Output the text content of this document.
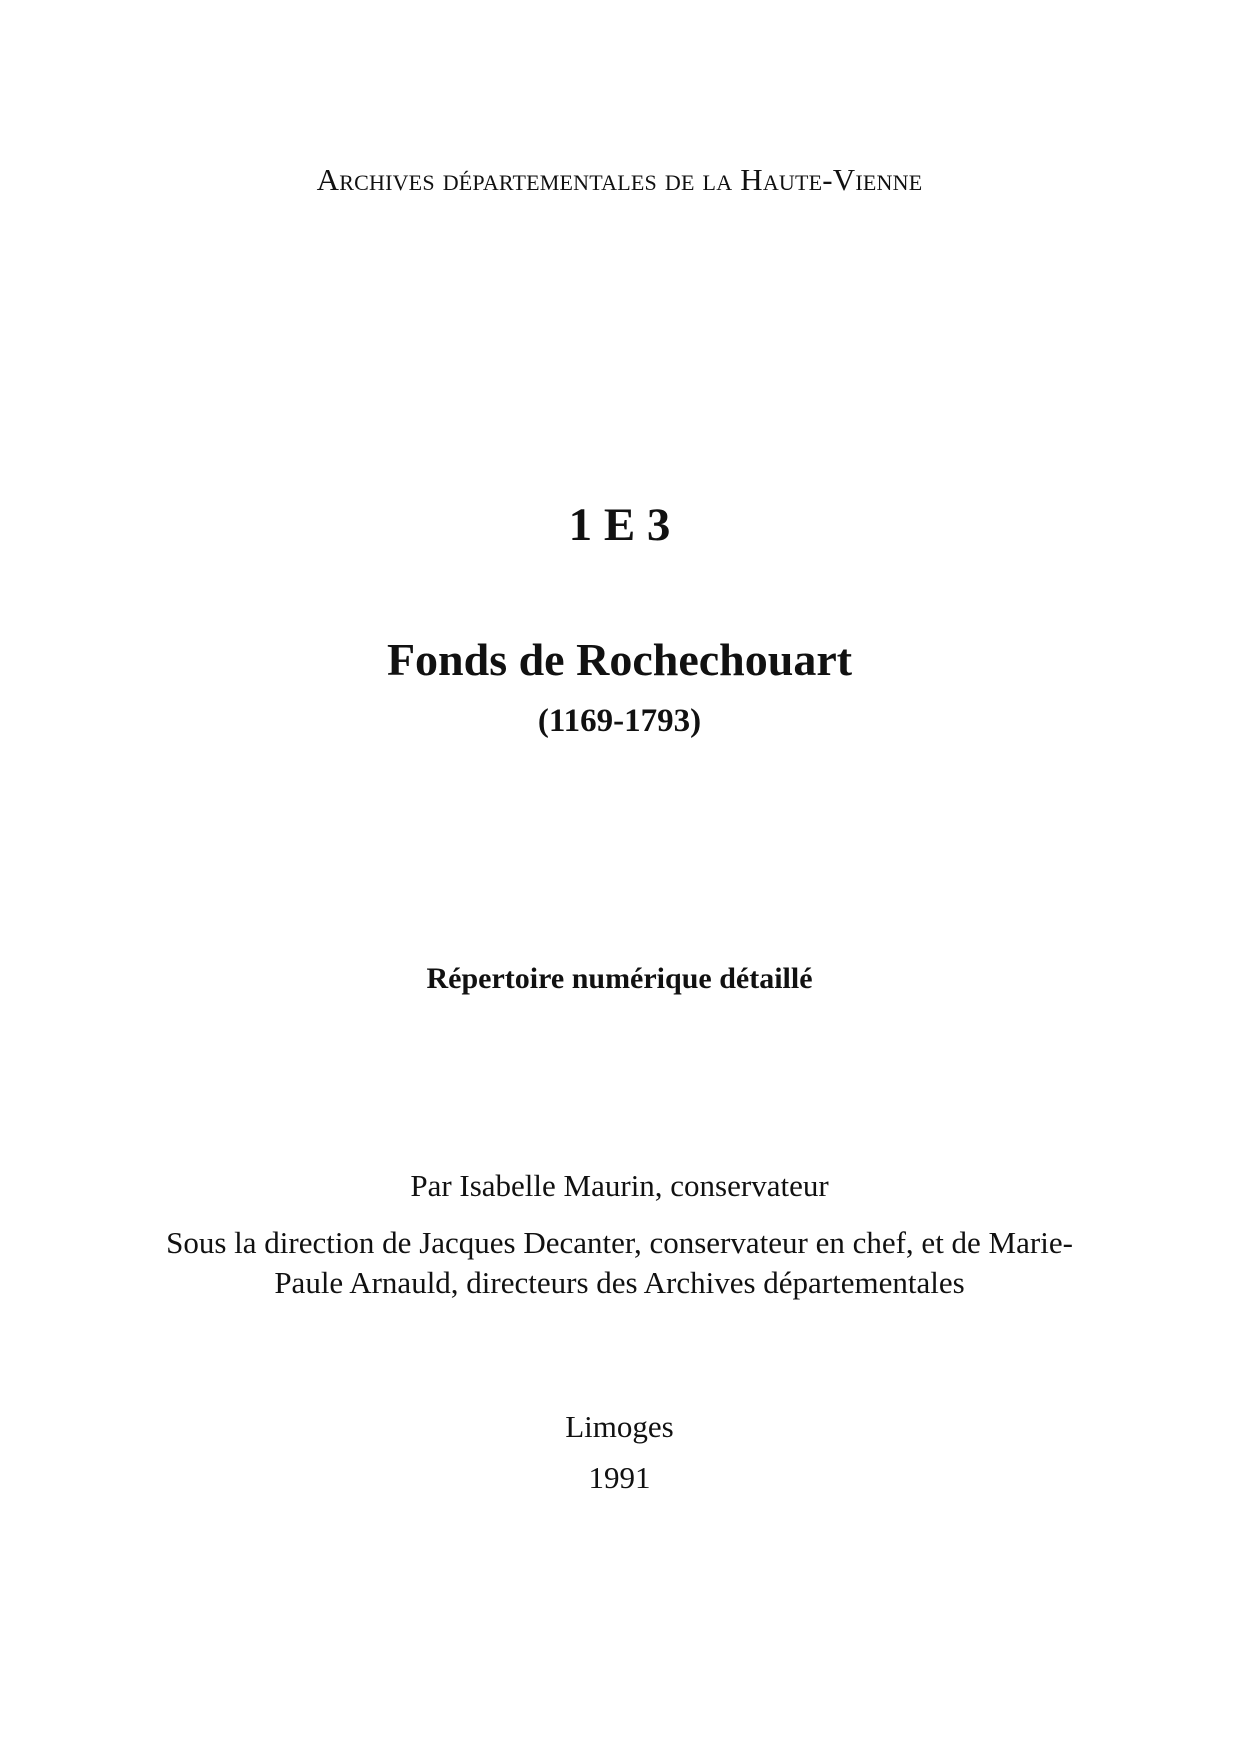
Archives départementales de la Haute-Vienne
1 E 3
Fonds de Rochechouart
(1169-1793)
Répertoire numérique détaillé
Par Isabelle Maurin, conservateur
Sous la direction de Jacques Decanter, conservateur en chef, et de Marie-
Paule Arnauld, directeurs des Archives départementales
Limoges
1991
